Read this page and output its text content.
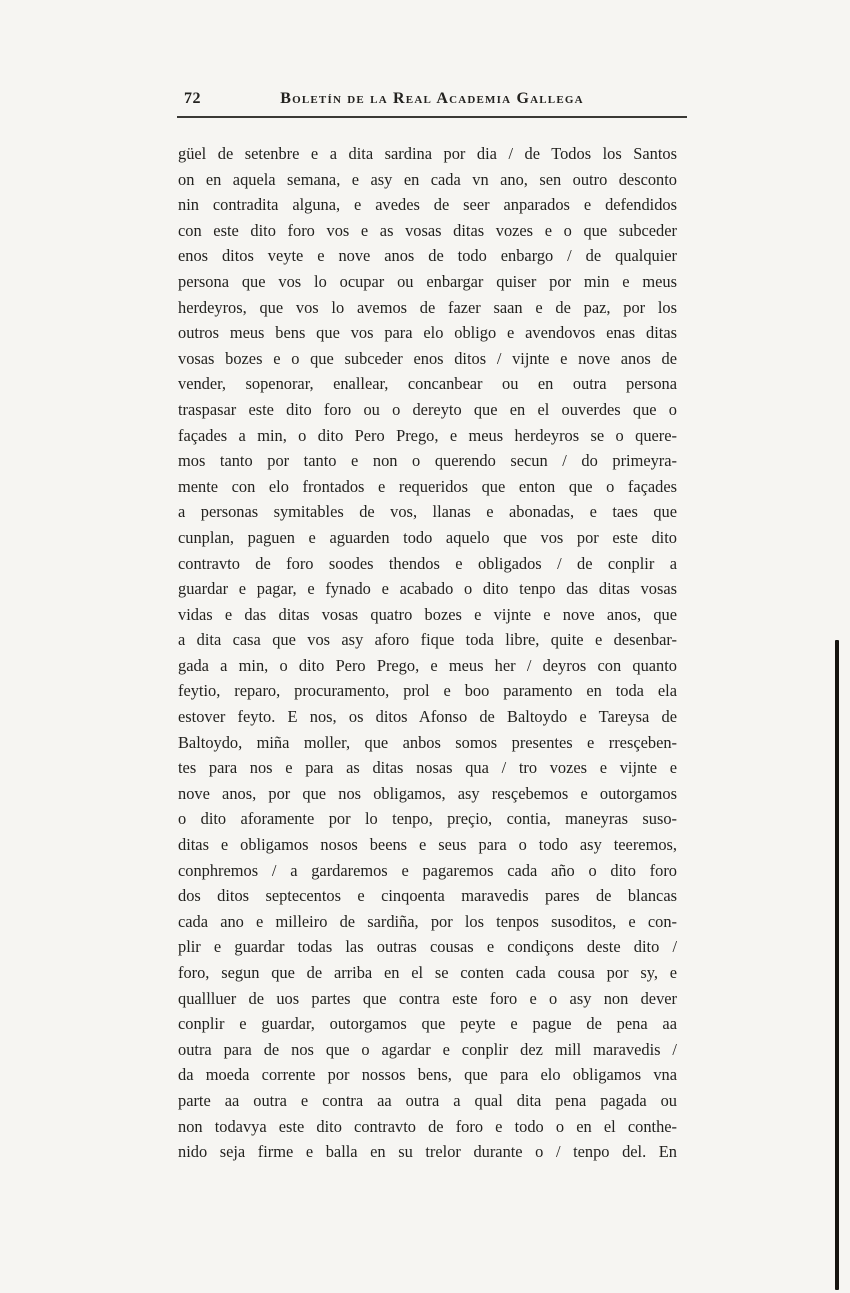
72	Boletín de la Real Academia Gallega
güel de setenbre e a dita sardina por dia / de Todos los Santos
on en aquela semana, e asy en cada vn ano, sen outro desconto
nin contradita alguna, e avedes de seer anparados e defendidos
con este dito foro vos e as vosas ditas vozes e o que subceder
enos ditos veyte e nove anos de todo enbargo / de qualquier
persona que vos lo ocupar ou enbargar quiser por min e meus
herdeyros, que vos lo avemos de fazer saan e de paz, por los
outros meus bens que vos para elo obligo e avendovos enas ditas
vosas bozes e o que subceder enos ditos / vijnte e nove anos de
vender, sopenorar, enallear, concanbear ou en outra persona
traspasar este dito foro ou o dereyto que en el ouverdes que o
façades a min, o dito Pero Prego, e meus herdeyros se o quere-
mos tanto por tanto e non o querendo secun / do primeyra-
mente con elo frontados e requeridos que enton que o façades
a personas symitables de vos, llanas e abonadas, e taes que
cunplan, paguen e aguarden todo aquelo que vos por este dito
contravto de foro soodes thendos e obligados / de conplir a
guardar e pagar, e fynado e acabado o dito tenpo das ditas vosas
vidas e das ditas vosas quatro bozes e vijnte e nove anos, que
a dita casa que vos asy aforo fique toda libre, quite e desenbar-
gada a min, o dito Pero Prego, e meus her / deyros con quanto
feytio, reparo, procuramento, prol e boo paramento en toda ela
estover feyto. E nos, os ditos Afonso de Baltoydo e Tareysa de
Baltoydo, miña moller, que anbos somos presentes e rresçeben-
tes para nos e para as ditas nosas qua / tro vozes e vijnte e
nove anos, por que nos obligamos, asy resçebemos e outorgamos
o dito aforamente por lo tenpo, preçio, contia, maneyras suso-
ditas e obligamos nosos beens e seus para o todo asy teeremos,
conphremos / a gardaremos e pagaremos cada año o dito foro
dos ditos septecentos e cinqoenta maravedis pares de blancas
cada ano e milleiro de sardiña, por los tenpos susoditos, e con-
plir e guardar todas las outras cousas e condiçons deste dito /
foro, segun que de arriba en el se conten cada cousa por sy, e
quallluer de uos partes que contra este foro e o asy non dever
conplir e guardar, outorgamos que peyte e pague de pena aa
outra para de nos que o agardar e conplir dez mill maravedis /
da moeda corrente por nossos bens, que para elo obligamos vna
parte aa outra e contra aa outra a qual dita pena pagada ou
non todavya este dito contravto de foro e todo o en el conthe-
nido seja firme e balla en su trelor durante o / tenpo del. En
